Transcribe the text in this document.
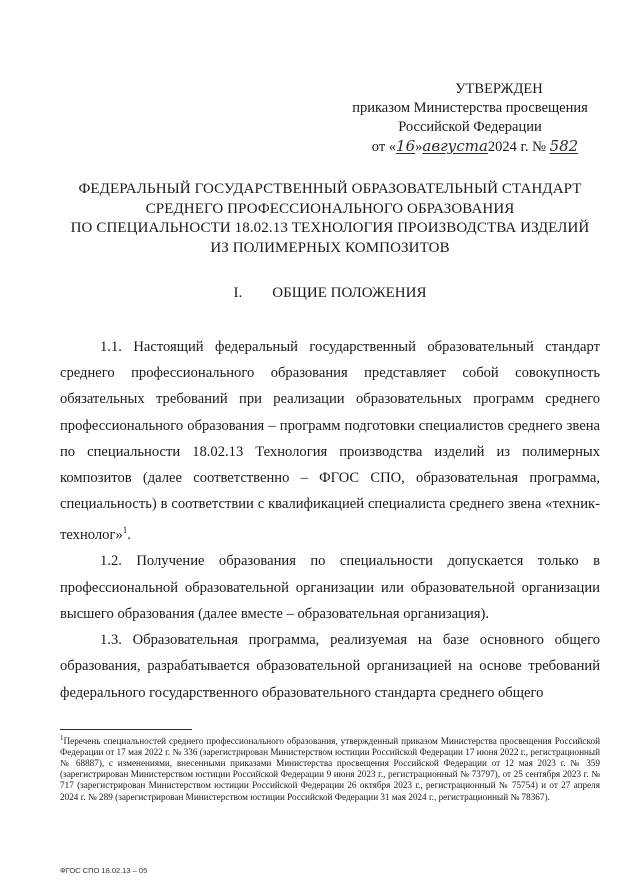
УТВЕРЖДЕН
приказом Министерства просвещения
Российской Федерации
от «16»августа2024 г. № 582
ФЕДЕРАЛЬНЫЙ ГОСУДАРСТВЕННЫЙ ОБРАЗОВАТЕЛЬНЫЙ СТАНДАРТ
СРЕДНЕГО ПРОФЕССИОНАЛЬНОГО ОБРАЗОВАНИЯ
ПО СПЕЦИАЛЬНОСТИ 18.02.13 ТЕХНОЛОГИЯ ПРОИЗВОДСТВА ИЗДЕЛИЙ
ИЗ ПОЛИМЕРНЫХ КОМПОЗИТОВ
I. ОБЩИЕ ПОЛОЖЕНИЯ

1.1. Настоящий федеральный государственный образовательный стандарт среднего профессионального образования представляет собой совокупность обязательных требований при реализации образовательных программ среднего профессионального образования – программ подготовки специалистов среднего звена по специальности 18.02.13 Технология производства изделий из полимерных композитов (далее соответственно – ФГОС СПО, образовательная программа, специальность) в соответствии с квалификацией специалиста среднего звена «техник-технолог»$^1$.

1.2. Получение образования по специальности допускается только в профессиональной образовательной организации или образовательной организации высшего образования (далее вместе – образовательная организация).

1.3. Образовательная программа, реализуемая на базе основного общего образования, разрабатывается образовательной организацией на основе требований федерального государственного образовательного стандарта среднего общего

$^1$Перечень специальностей среднего профессионального образования, утвержденный приказом Министерства просвещения Российской Федерации от 17 мая 2022 г. № 336 (зарегистрирован Министерством юстиции Российской Федерации 17 июня 2022 г., регистрационный № 68887), с изменениями, внесенными приказами Министерства просвещения Российской Федерации от 12 мая 2023 г. № 359 (зарегистрирован Министерством юстиции Российской Федерации 9 июня 2023 г., регистрационный № 73797), от 25 сентября 2023 г. № 717 (зарегистрирован Министерством юстиции Российской Федерации 26 октября 2023 г., регистрационный № 75754) и от 27 апреля 2024 г. № 289 (зарегистрирован Министерством юстиции Российской Федерации 31 мая 2024 г., регистрационный № 78367).
ФГОС СПО 18.02.13 – 05
